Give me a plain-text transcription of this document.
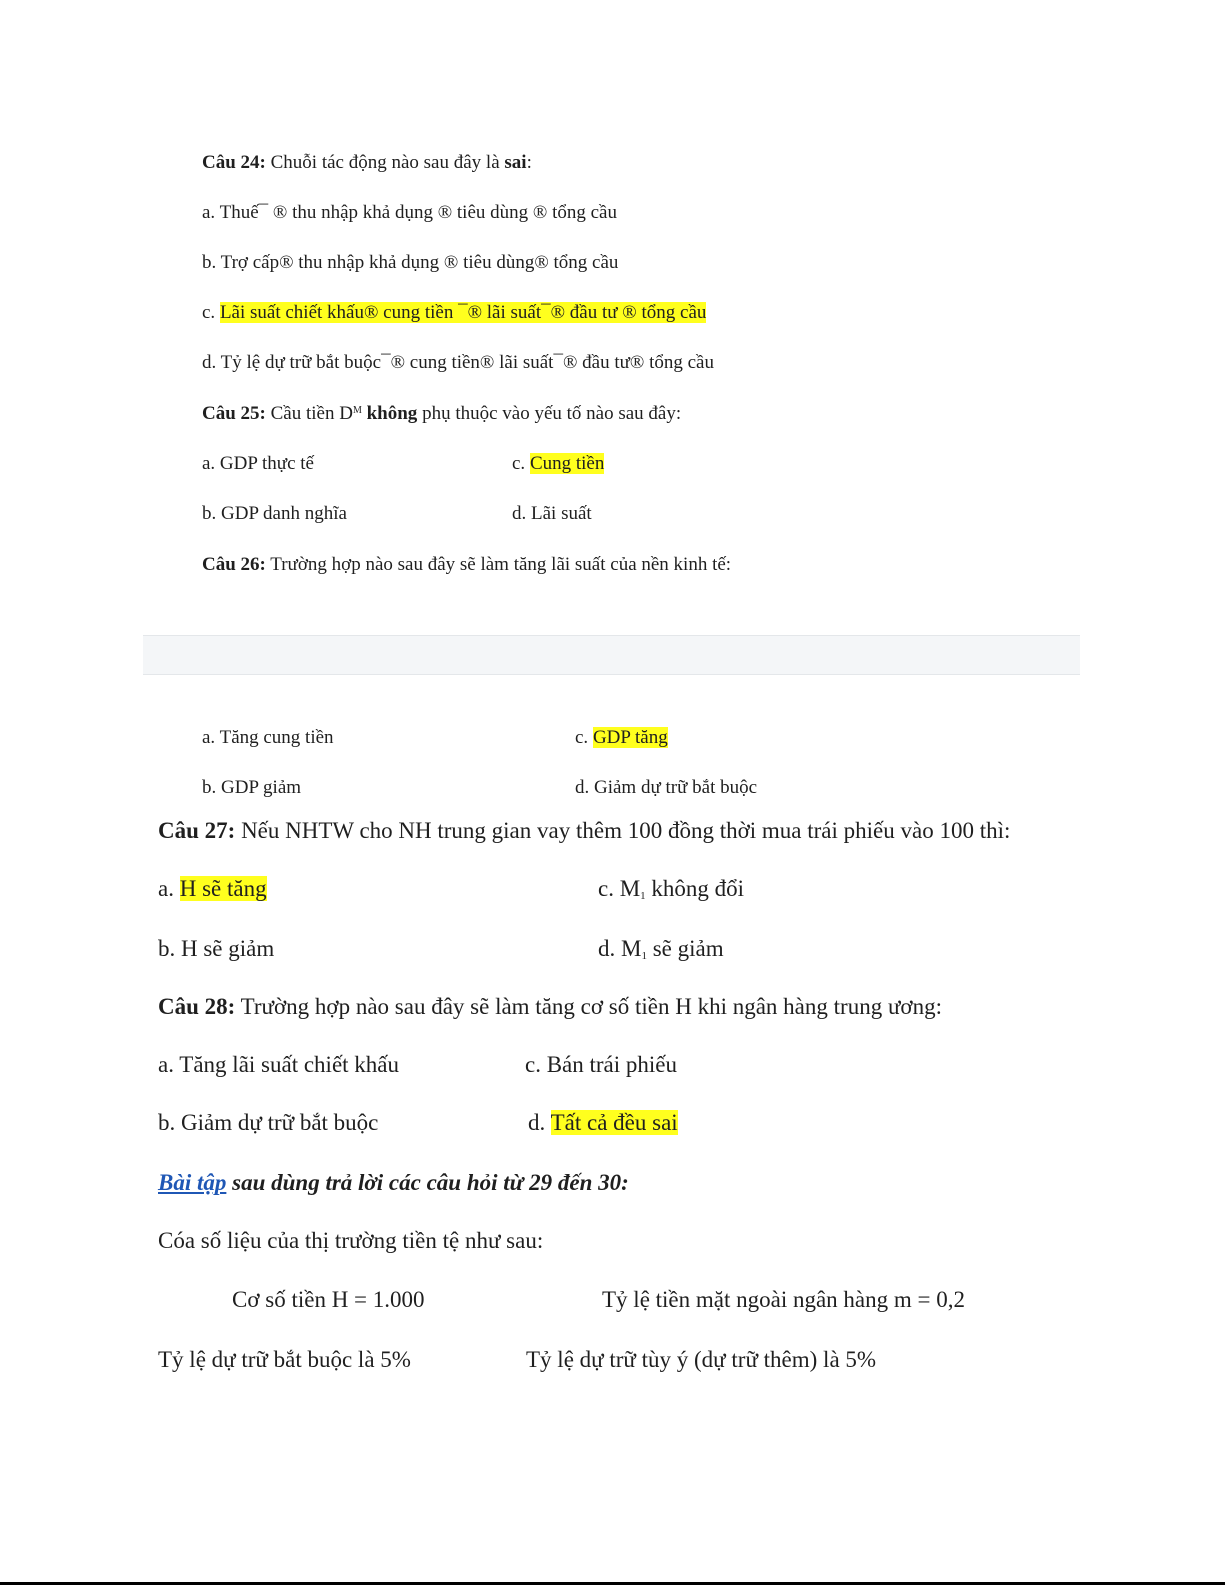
Câu 24: Chuỗi tác động nào sau đây là sai:
a. Thuế¯ ® thu nhập khả dụng ® tiêu dùng ® tổng cầu
b. Trợ cấp® thu nhập khả dụng ® tiêu dùng® tổng cầu
c. Lãi suất chiết khấu® cung tiền ¯® lãi suất¯® đầu tư ® tổng cầu
d. Tỷ lệ dự trữ bắt buộc¯® cung tiền® lãi suất¯® đầu tư® tổng cầu
Câu 25: Cầu tiền $D^M$ không phụ thuộc vào yếu tố nào sau đây:
a. GDP thực tế	c. Cung tiền
b. GDP danh nghĩa	d. Lãi suất
Câu 26: Trường hợp nào sau đây sẽ làm tăng lãi suất của nền kinh tế:
a. Tăng cung tiền	c. GDP tăng
b. GDP giảm	d. Giảm dự trữ bắt buộc
Câu 27: Nếu NHTW cho NH trung gian vay thêm 100 đồng thời mua trái phiếu vào 100 thì:
a. H sẽ tăng	c. $M_1$ không đổi
b. H sẽ giảm	d. $M_1$ sẽ giảm
Câu 28: Trường hợp nào sau đây sẽ làm tăng cơ số tiền H khi ngân hàng trung ương:
a. Tăng lãi suất chiết khấu	c. Bán trái phiếu
b. Giảm dự trữ bắt buộc	d. Tất cả đều sai
Bài tập sau dùng trả lời các câu hỏi từ 29 đến 30:
Cóa số liệu của thị trường tiền tệ như sau:
Cơ số tiền H = 1.000	Tỷ lệ tiền mặt ngoài ngân hàng m = 0,2
Tỷ lệ dự trữ bắt buộc là 5%	Tỷ lệ dự trữ tùy ý (dự trữ thêm) là 5%
